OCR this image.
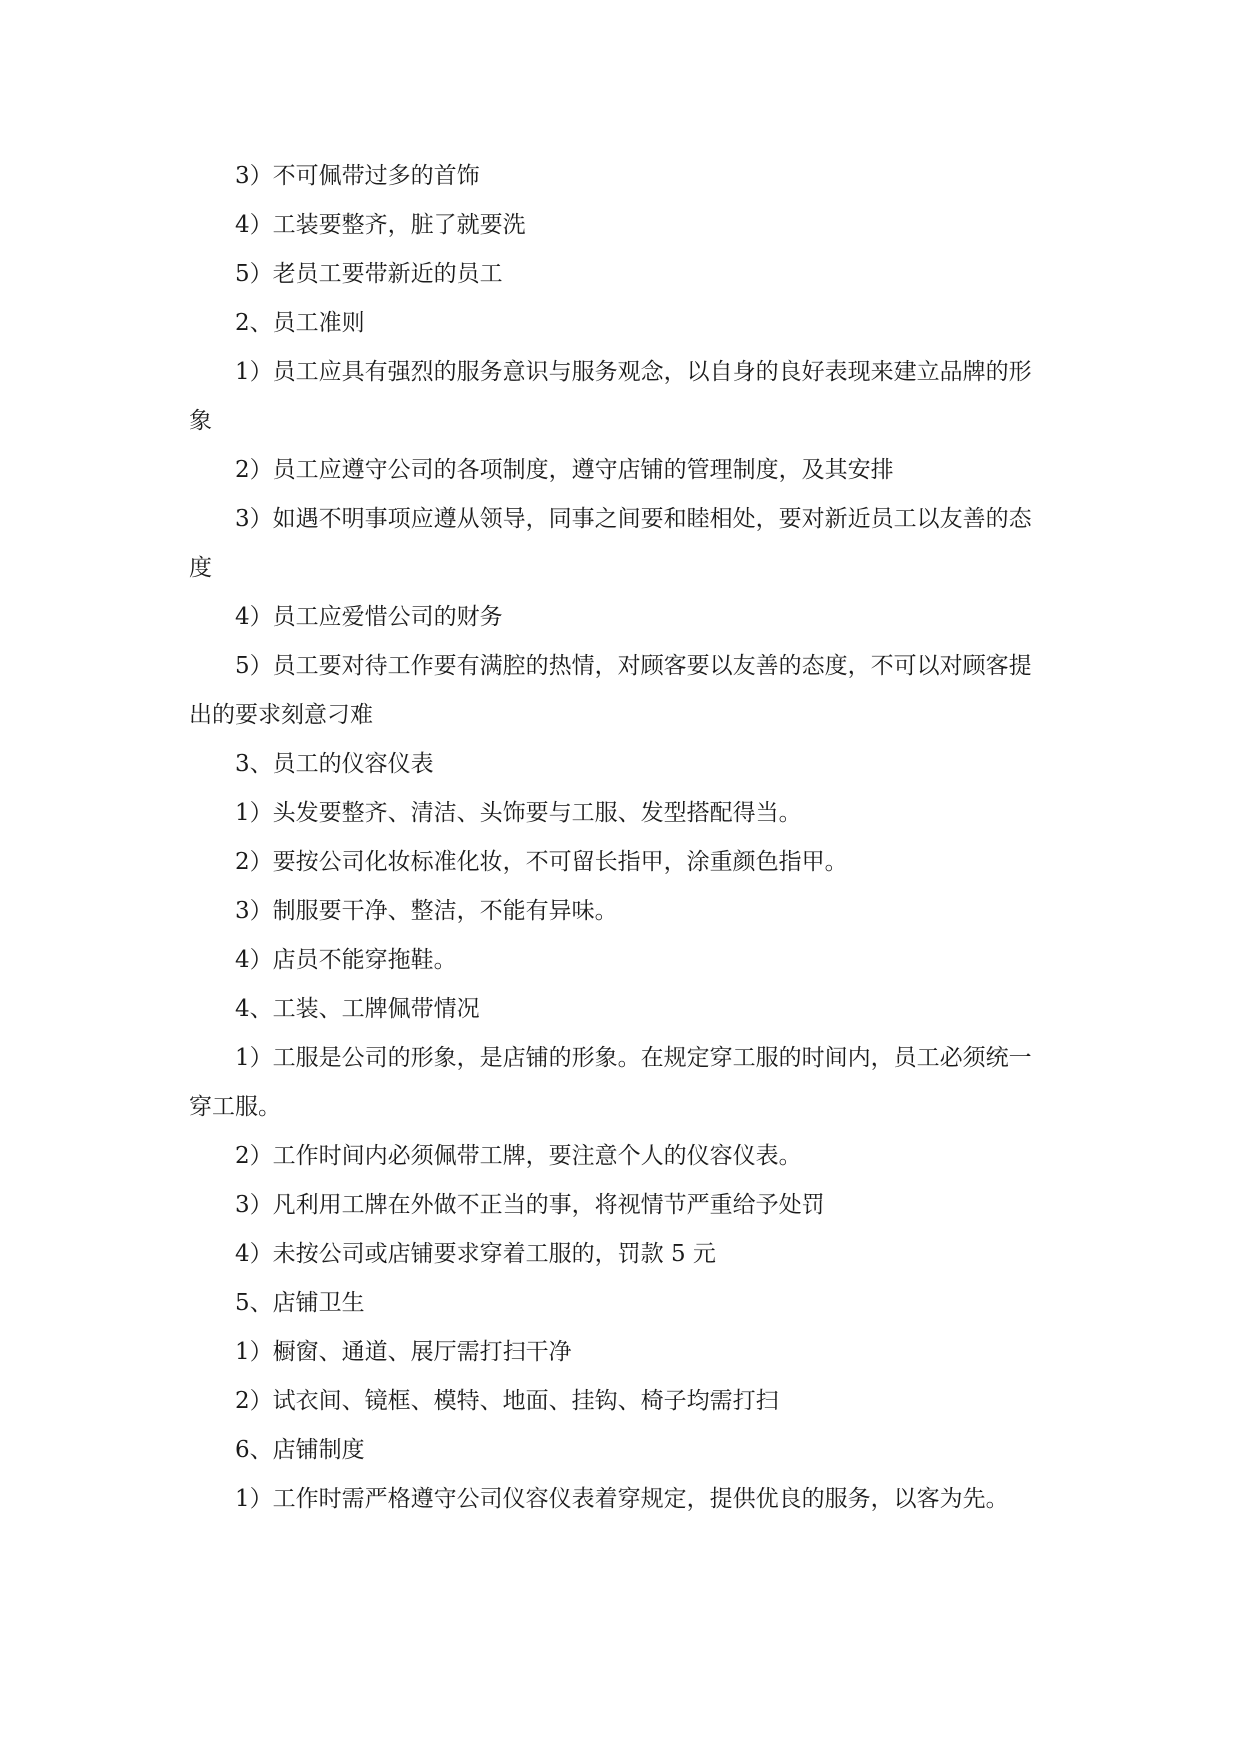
3）不可佩带过多的首饰

4）工装要整齐，脏了就要洗

5）老员工要带新近的员工

2、员工准则

1）员工应具有强烈的服务意识与服务观念，以自身的良好表现来建立品牌的形象

2）员工应遵守公司的各项制度，遵守店铺的管理制度，及其安排

3）如遇不明事项应遵从领导，同事之间要和睦相处，要对新近员工以友善的态度

4）员工应爱惜公司的财务

5）员工要对待工作要有满腔的热情，对顾客要以友善的态度，不可以对顾客提出的要求刻意刁难

3、员工的仪容仪表

1）头发要整齐、清洁、头饰要与工服、发型搭配得当。

2）要按公司化妆标准化妆，不可留长指甲，涂重颜色指甲。

3）制服要干净、整洁，不能有异味。

4）店员不能穿拖鞋。

4、工装、工牌佩带情况

1）工服是公司的形象，是店铺的形象。在规定穿工服的时间内，员工必须统一穿工服。

2）工作时间内必须佩带工牌，要注意个人的仪容仪表。

3）凡利用工牌在外做不正当的事，将视情节严重给予处罚

4）未按公司或店铺要求穿着工服的，罚款 5 元

5、店铺卫生

1）橱窗、通道、展厅需打扫干净

2）试衣间、镜框、模特、地面、挂钩、椅子均需打扫

6、店铺制度

1）工作时需严格遵守公司仪容仪表着穿规定，提供优良的服务，以客为先。
